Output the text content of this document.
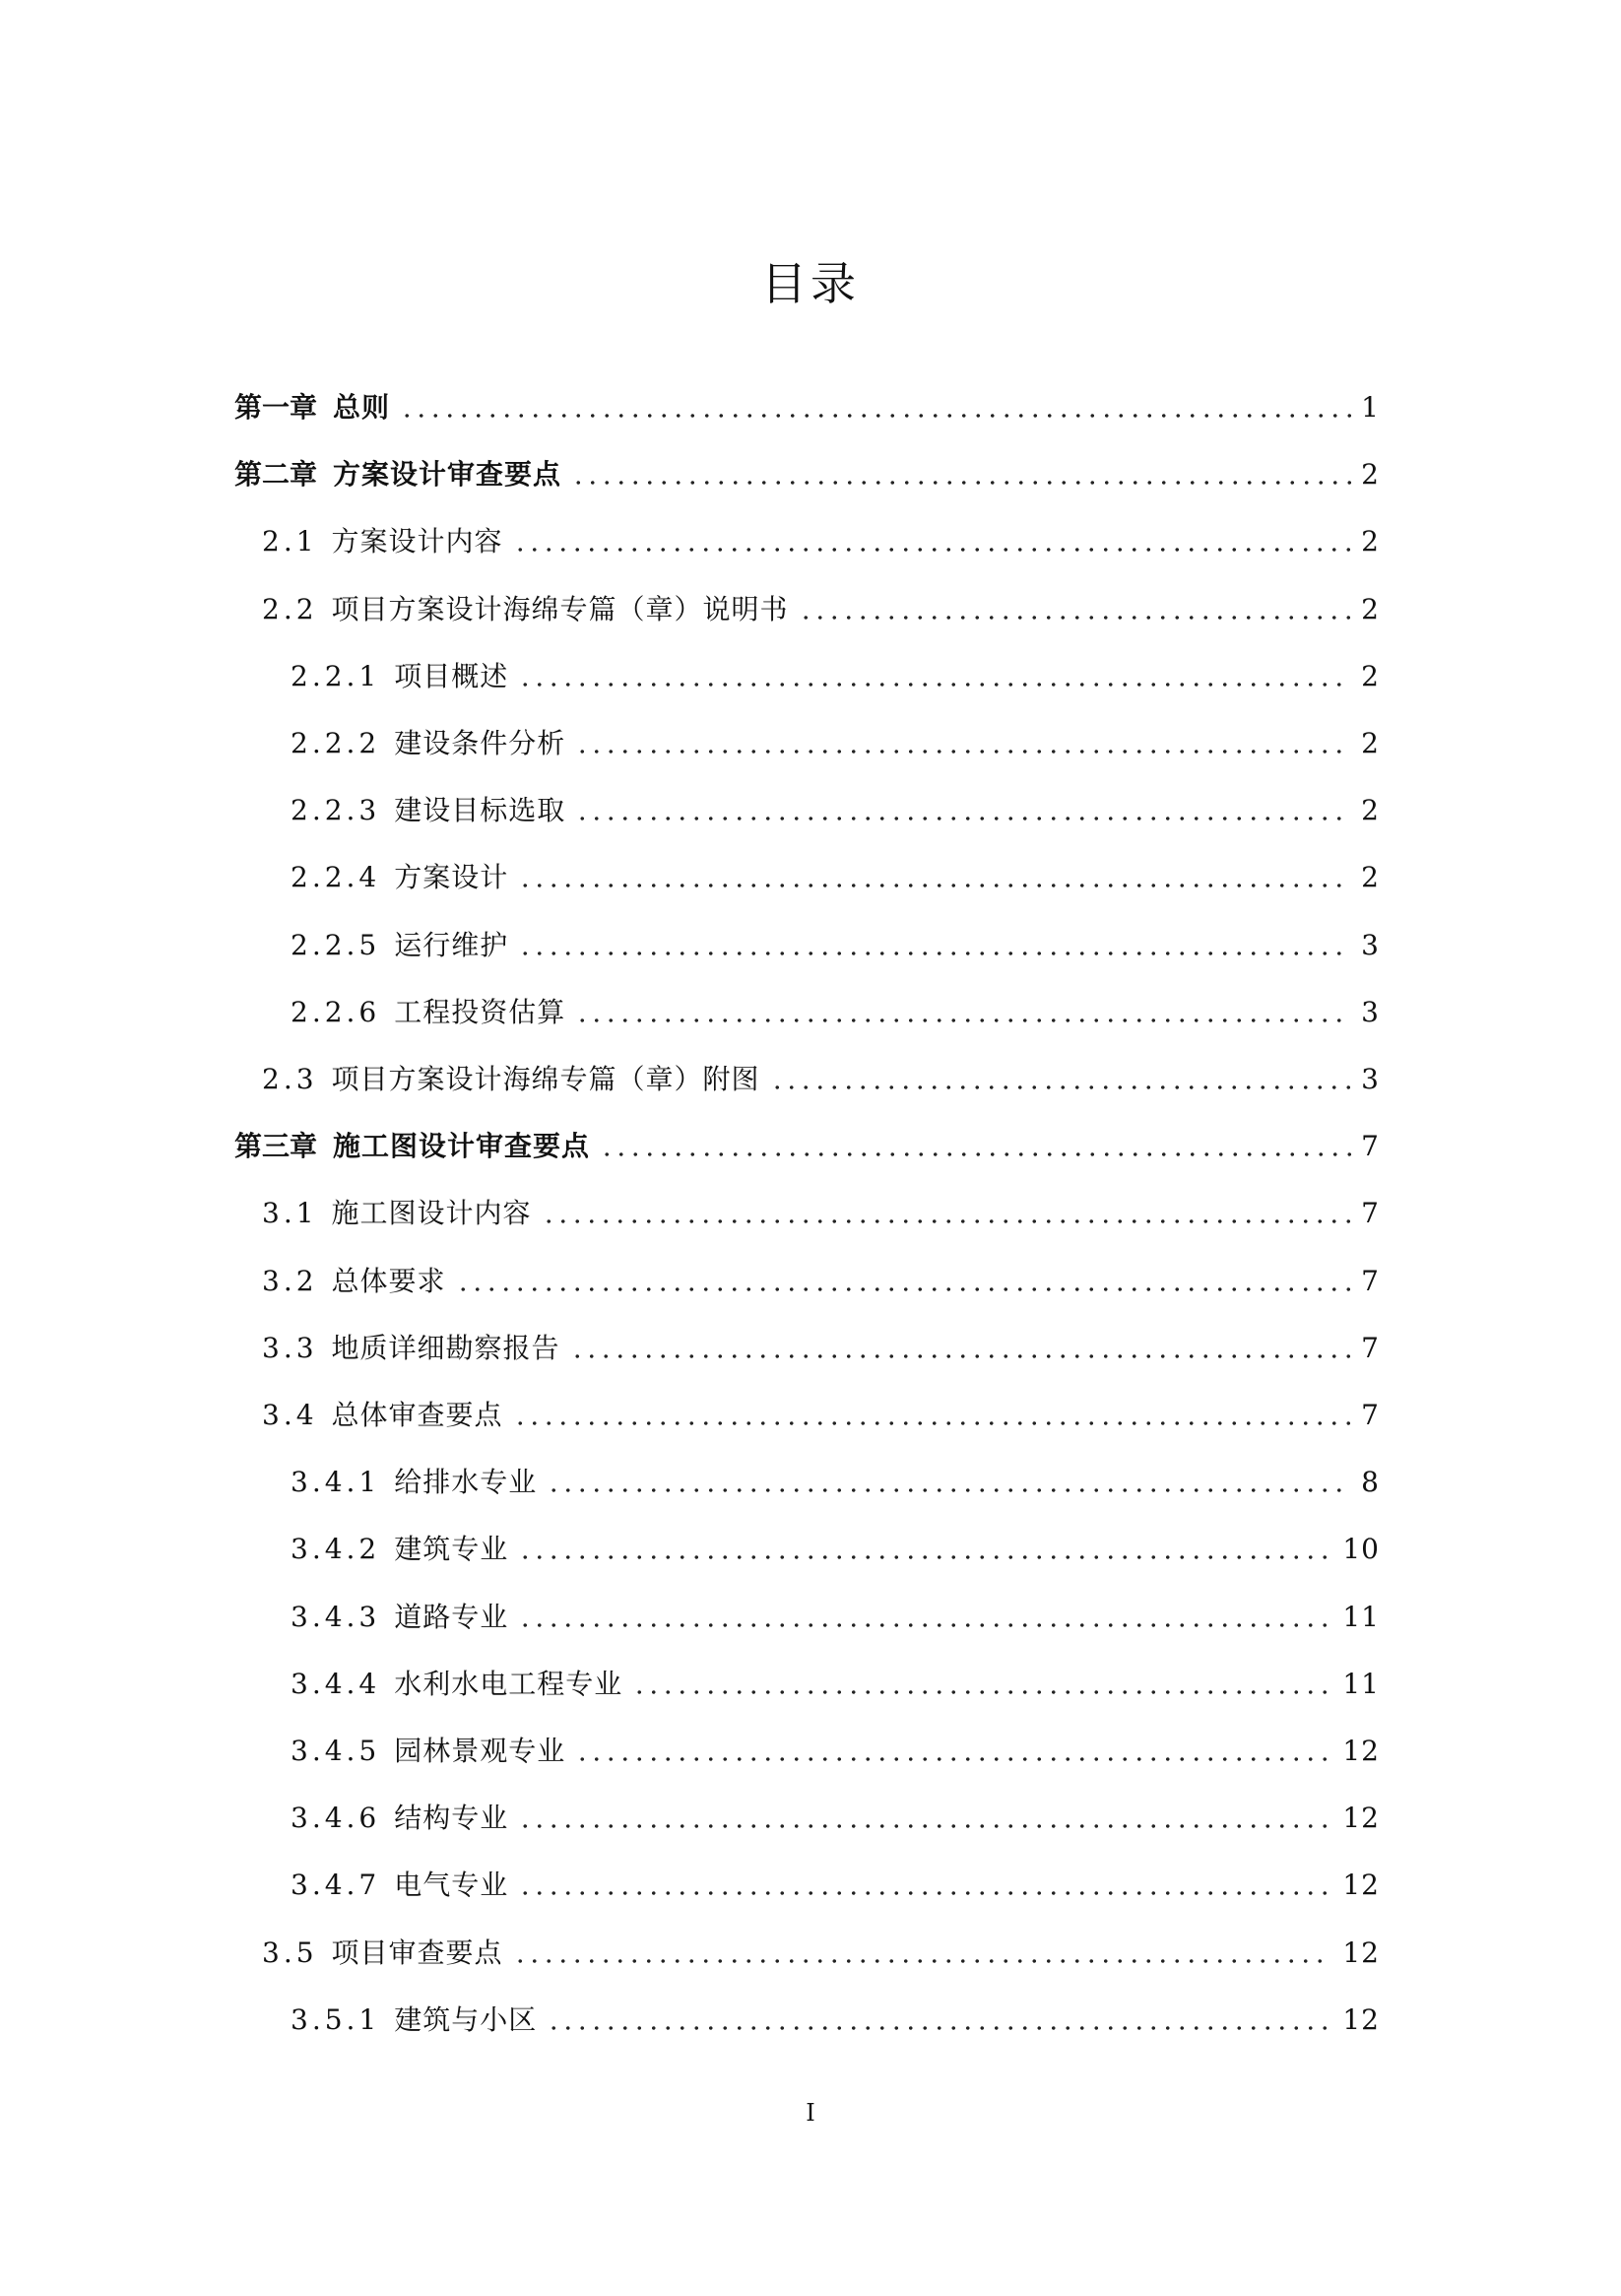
目录
第一章 总则	1
第二章 方案设计审查要点	2
2.1 方案设计内容	2
2.2 项目方案设计海绵专篇（章）说明书	2
2.2.1 项目概述	2
2.2.2 建设条件分析	2
2.2.3 建设目标选取	2
2.2.4 方案设计	2
2.2.5 运行维护	3
2.2.6 工程投资估算	3
2.3 项目方案设计海绵专篇（章）附图	3
第三章 施工图设计审查要点	7
3.1 施工图设计内容	7
3.2 总体要求	7
3.3 地质详细勘察报告	7
3.4 总体审查要点	7
3.4.1 给排水专业	8
3.4.2 建筑专业	10
3.4.3 道路专业	11
3.4.4 水利水电工程专业	11
3.4.5 园林景观专业	12
3.4.6 结构专业	12
3.4.7 电气专业	12
3.5 项目审查要点	12
3.5.1 建筑与小区	12
I
